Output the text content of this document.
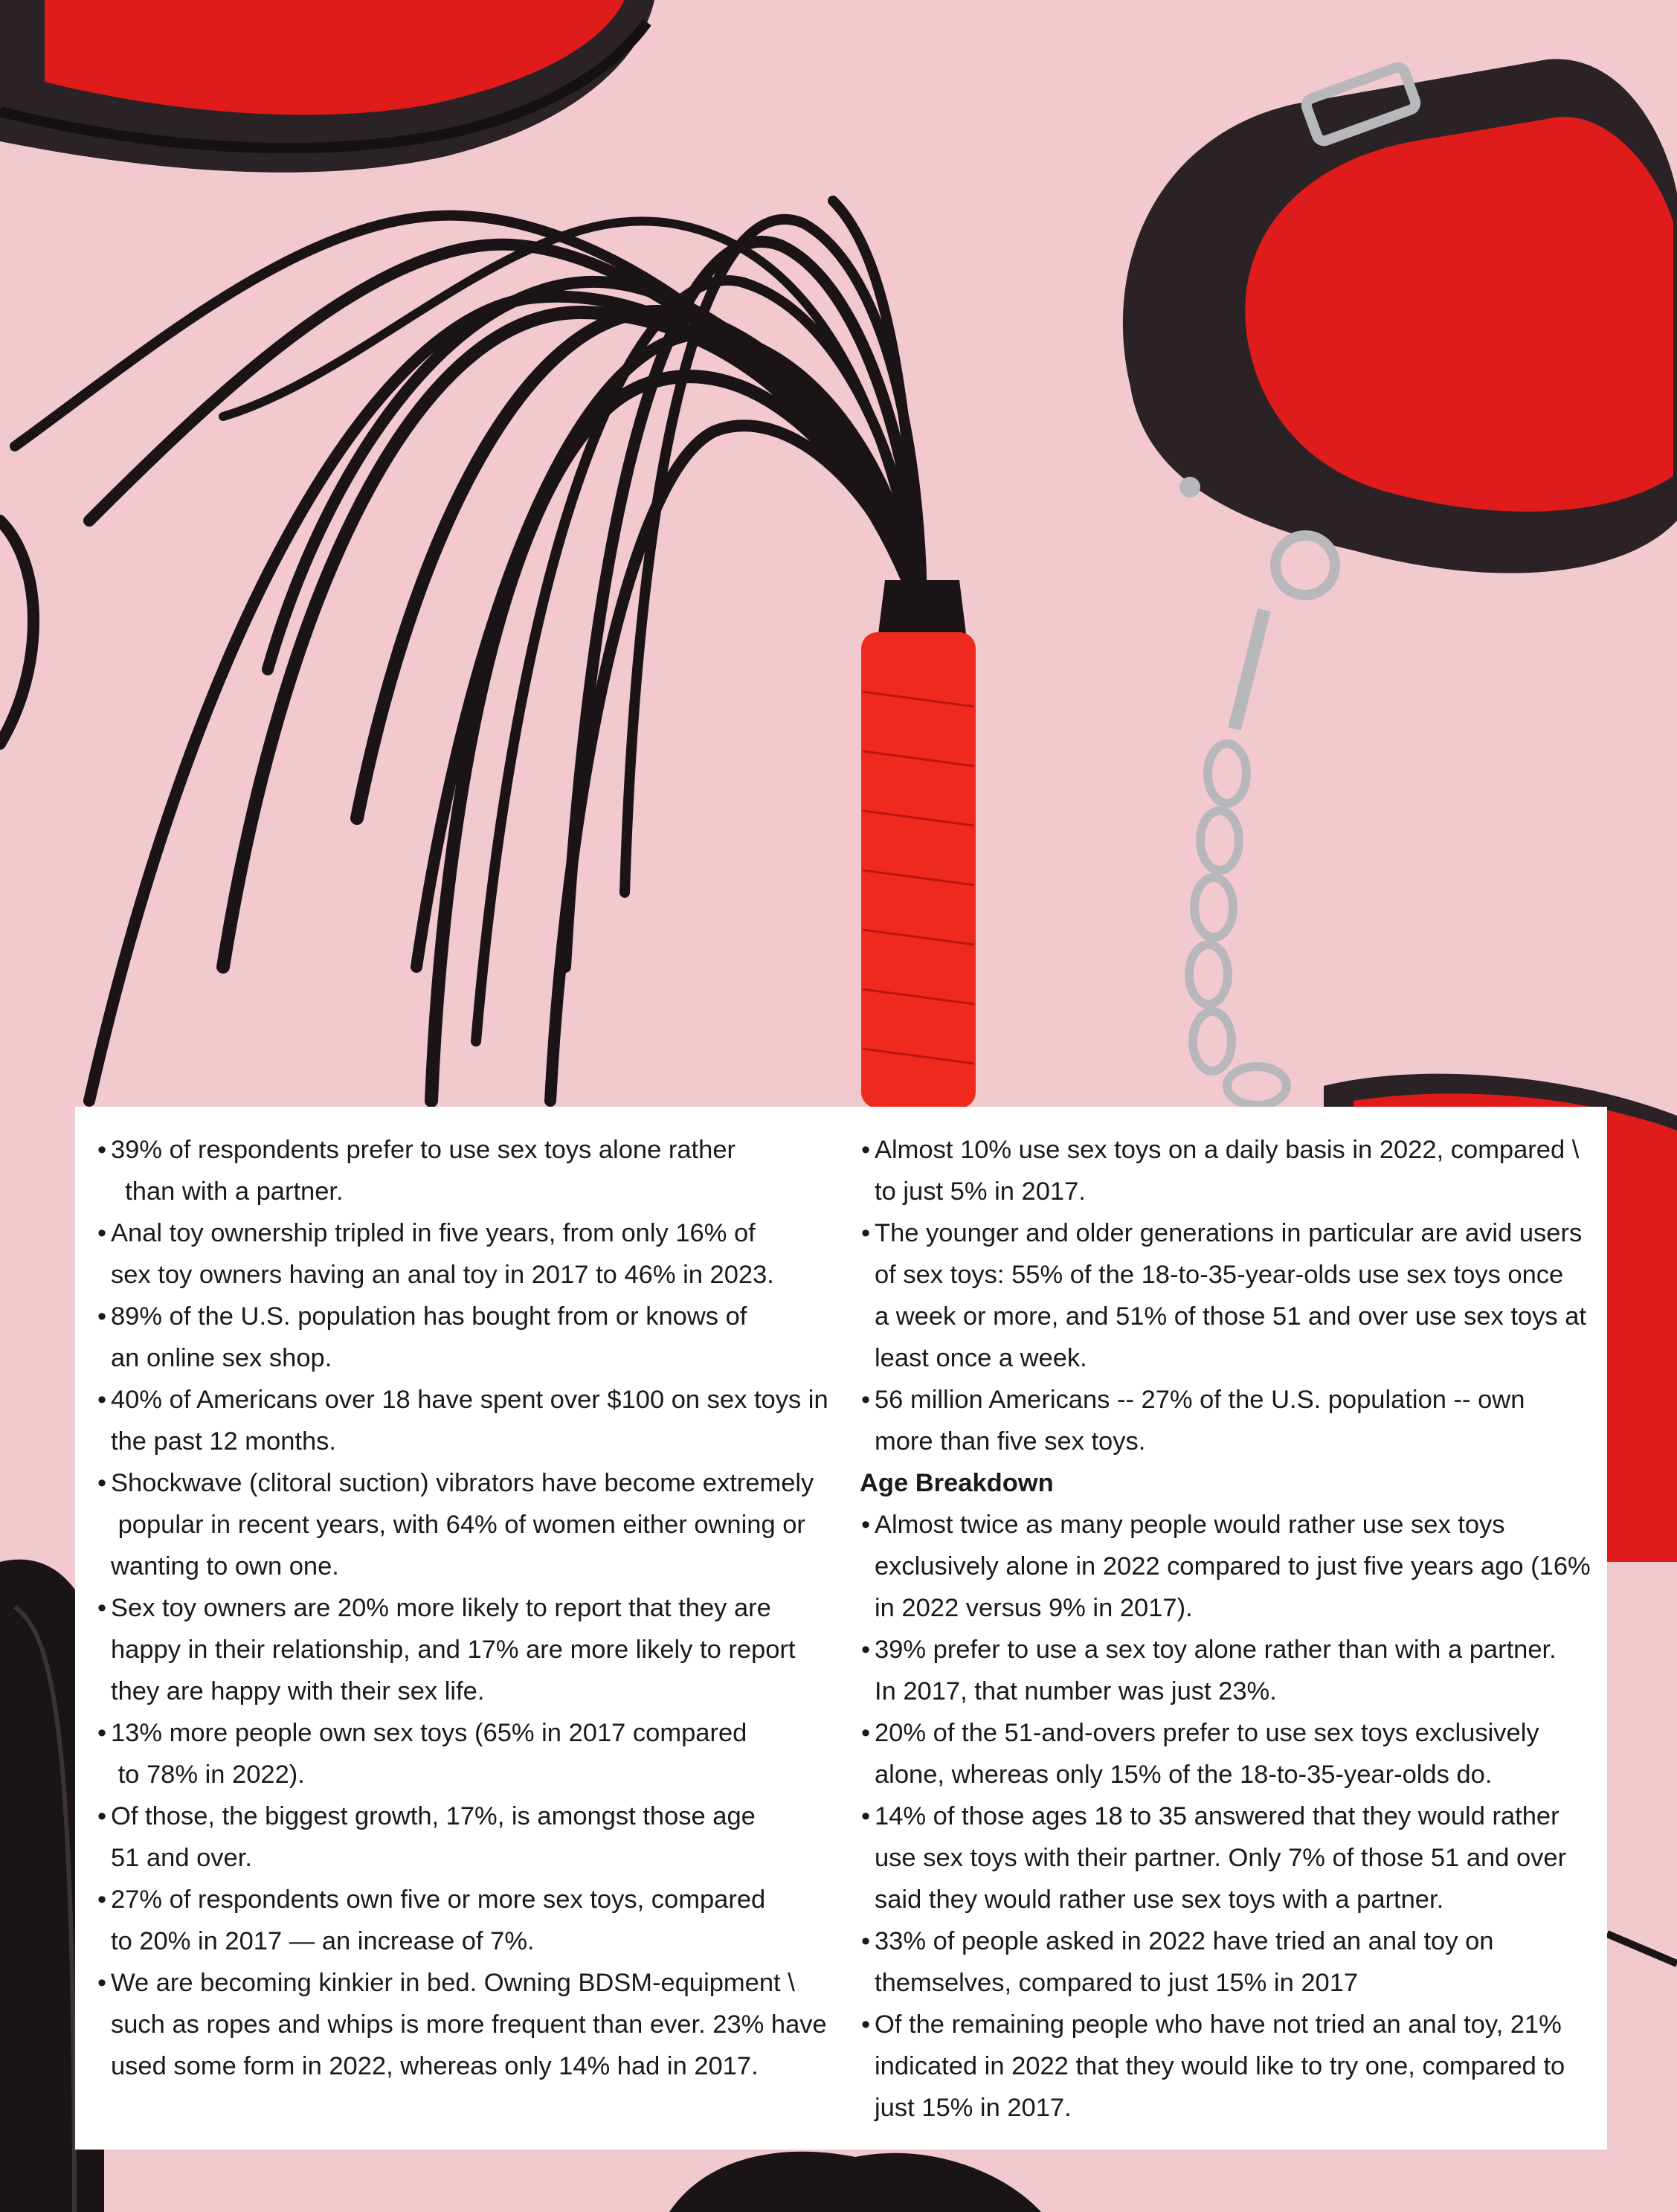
• 39% of respondents prefer to use sex toys alone rather
than with a partner.
• Anal toy ownership tripled in five years, from only 16% of
sex toy owners having an anal toy in 2017 to 46% in 2023.
• 89% of the U.S. population has bought from or knows of
an online sex shop.
• 40% of Americans over 18 have spent over $100 on sex toys in
the past 12 months.
• Shockwave (clitoral suction) vibrators have become extremely
popular in recent years, with 64% of women either owning or
wanting to own one.
• Sex toy owners are 20% more likely to report that they are
happy in their relationship, and 17% are more likely to report
they are happy with their sex life.
• 13% more people own sex toys (65% in 2017 compared
to 78% in 2022).
• Of those, the biggest growth, 17%, is amongst those age
51 and over.
• 27% of respondents own five or more sex toys, compared
to 20% in 2017 — an increase of 7%.
• We are becoming kinkier in bed. Owning BDSM-equipment \
such as ropes and whips is more frequent than ever. 23% have
used some form in 2022, whereas only 14% had in 2017.
• Almost 10% use sex toys on a daily basis in 2022, compared \
to just 5% in 2017.
• The younger and older generations in particular are avid users
of sex toys: 55% of the 18-to-35-year-olds use sex toys once
a week or more, and 51% of those 51 and over use sex toys at
least once a week.
• 56 million Americans -- 27% of the U.S. population -- own
more than five sex toys.
Age Breakdown
• Almost twice as many people would rather use sex toys
exclusively alone in 2022 compared to just five years ago (16%
in 2022 versus 9% in 2017).
• 39% prefer to use a sex toy alone rather than with a partner.
In 2017, that number was just 23%.
• 20% of the 51-and-overs prefer to use sex toys exclusively
alone, whereas only 15% of the 18-to-35-year-olds do.
• 14% of those ages 18 to 35 answered that they would rather
use sex toys with their partner. Only 7% of those 51 and over
said they would rather use sex toys with a partner.
• 33% of people asked in 2022 have tried an anal toy on
themselves, compared to just 15% in 2017
• Of the remaining people who have not tried an anal toy, 21%
indicated in 2022 that they would like to try one, compared to
just 15% in 2017.
